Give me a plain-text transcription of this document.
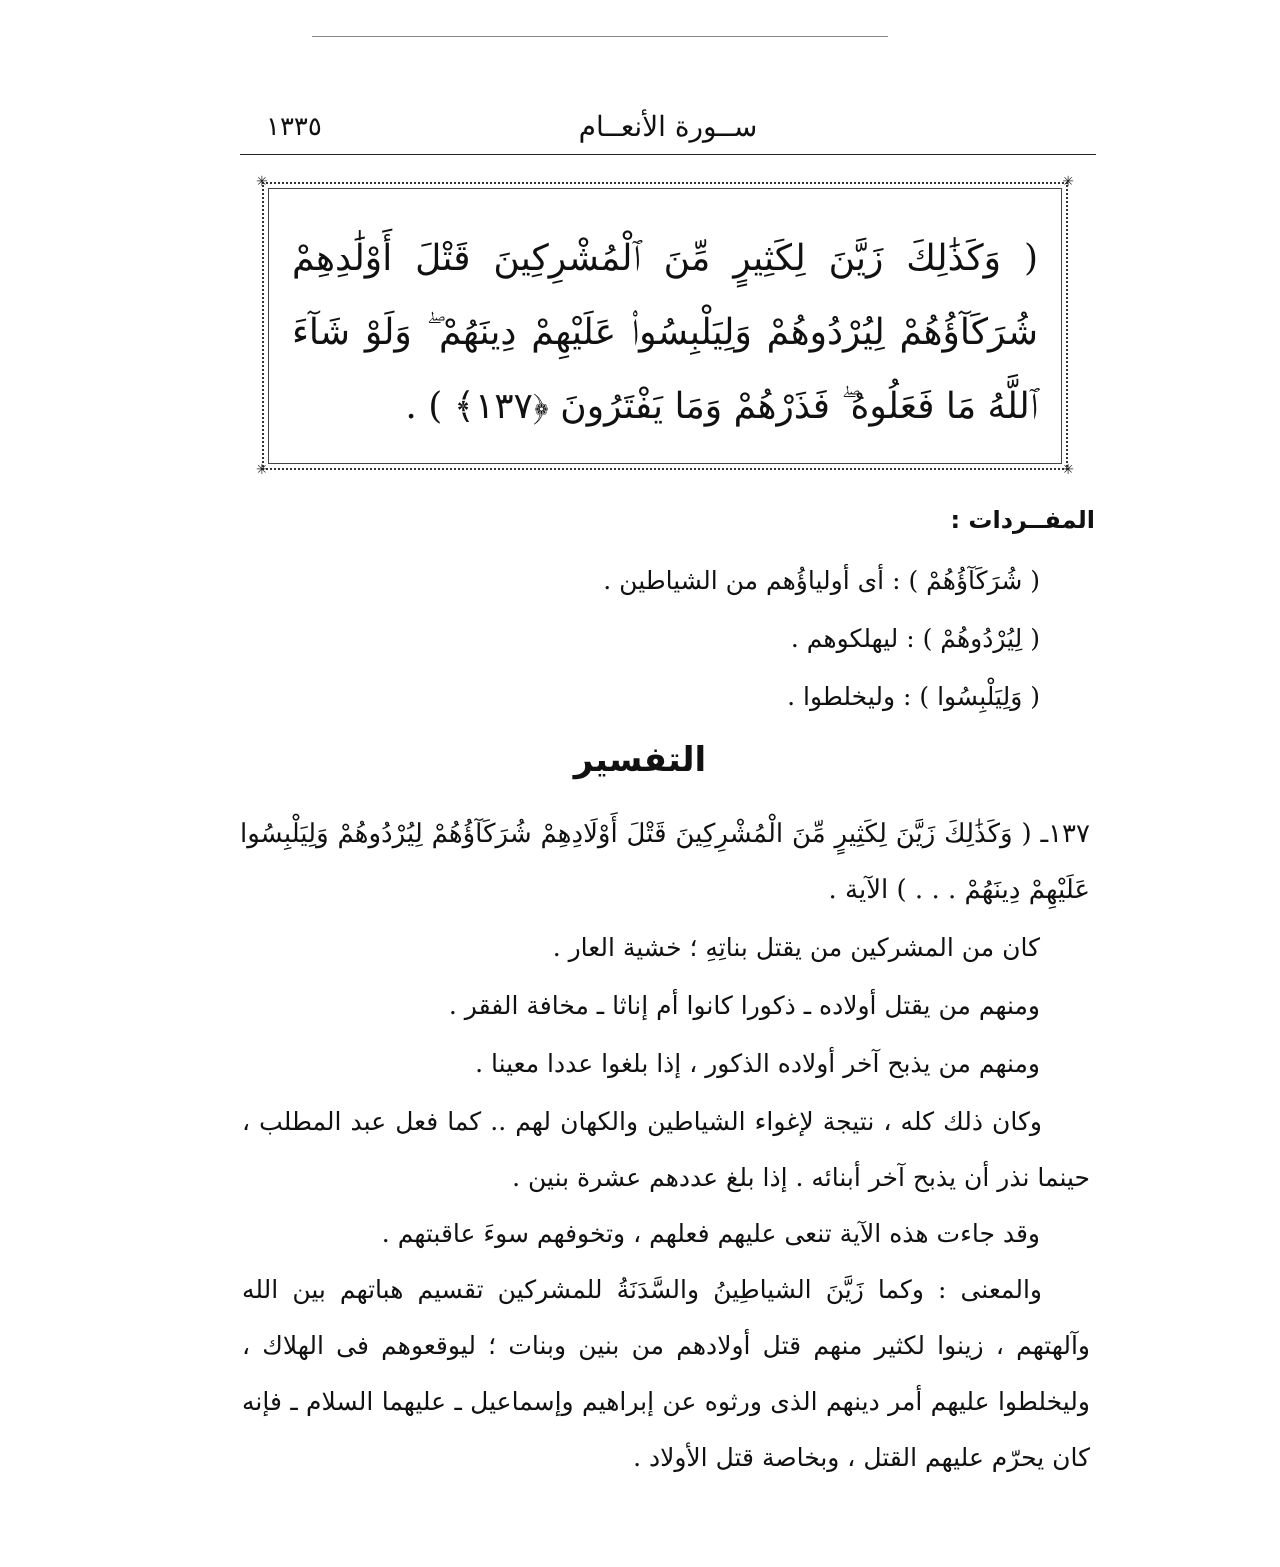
١٣٣٥	ســورة الأنعــام
✳	✳
✳	✳
( وَكَذَٰلِكَ زَيَّنَ لِكَثِيرٍ مِّنَ ٱلْمُشْرِكِينَ قَتْلَ أَوْلَٰدِهِمْ شُرَكَآؤُهُمْ لِيُرْدُوهُمْ وَلِيَلْبِسُوا۟ عَلَيْهِمْ دِينَهُمْ ۖ وَلَوْ شَآءَ ٱللَّهُ مَا فَعَلُوهُ ۖ فَذَرْهُمْ وَمَا يَفْتَرُونَ ﴿١٣٧﴾ ) .
المفــردات :
( شُرَكَآؤُهُمْ ) : أى أولياؤُهم من الشياطين .
( لِيُرْدُوهُمْ ) : ليهلكوهم .
( وَلِيَلْبِسُوا ) : وليخلطوا .
التفسير
١٣٧ـ ( وَكَذَٰلِكَ زَيَّنَ لِكَثِيرٍ مِّنَ الْمُشْرِكِينَ قَتْلَ أَوْلَادِهِمْ شُرَكَآؤُهُمْ لِيُرْدُوهُمْ وَلِيَلْبِسُوا عَلَيْهِمْ دِينَهُمْ . . . ) الآية .
كان من المشركين من يقتل بناتِهِ ؛ خشية العار .
ومنهم من يقتل أولاده ـ ذكورا كانوا أم إناثا ـ مخافة الفقر .
ومنهم من يذبح آخر أولاده الذكور ، إذا بلغوا عددا معينا .
وكان ذلك كله ، نتيجة لإغواء الشياطين والكهان لهم .. كما فعل عبد المطلب ، حينما نذر أن يذبح آخر أبنائه . إذا بلغ عددهم عشرة بنين .
وقد جاءت هذه الآية تنعى عليهم فعلهم ، وتخوفهم سوءَ عاقبتهم .
والمعنى : وكما زَيَّنَ الشياطِينُ والسَّدَنَةُ للمشركين تقسيم هباتهم بين الله وآلهتهم ، زينوا لكثير منهم قتل أولادهم من بنين وبنات ؛ ليوقعوهم فى الهلاك ، وليخلطوا عليهم أمر دينهم الذى ورثوه عن إبراهيم وإسماعيل ـ عليهما السلام ـ فإنه كان يحرّم عليهم القتل ، وبخاصة قتل الأولاد .
